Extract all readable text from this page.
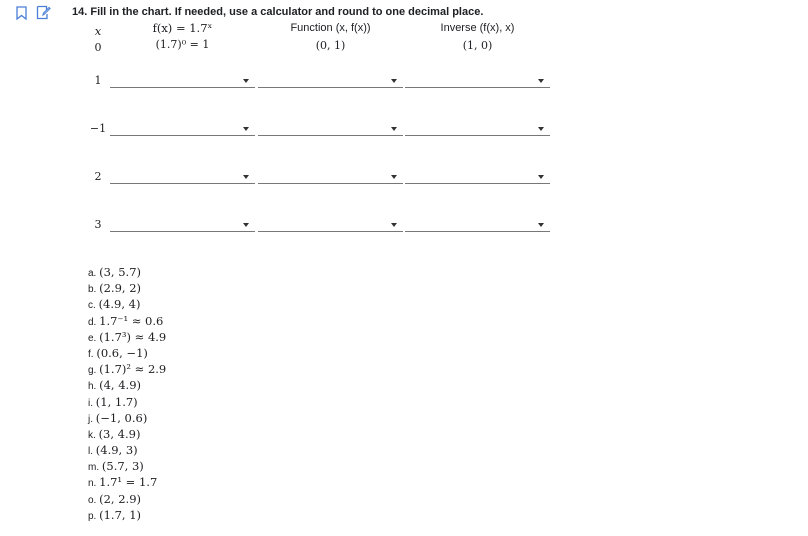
14. Fill in the chart. If needed, use a calculator and round to one decimal place.
x	f(x) = 1.7ˣ	Function (x, f(x))	Inverse (f(x), x)
0	(1.7)⁰ = 1	(0, 1)	(1, 0)
1
−1
2
3
a. (3, 5.7)
b. (2.9, 2)
c. (4.9, 4)
d. 1.7⁻¹ ≈ 0.6
e. (1.7³) ≈ 4.9
f. (0.6, −1)
g. (1.7)² ≈ 2.9
h. (4, 4.9)
i. (1, 1.7)
j. (−1, 0.6)
k. (3, 4.9)
l. (4.9, 3)
m. (5.7, 3)
n. 1.7¹ = 1.7
o. (2, 2.9)
p. (1.7, 1)
